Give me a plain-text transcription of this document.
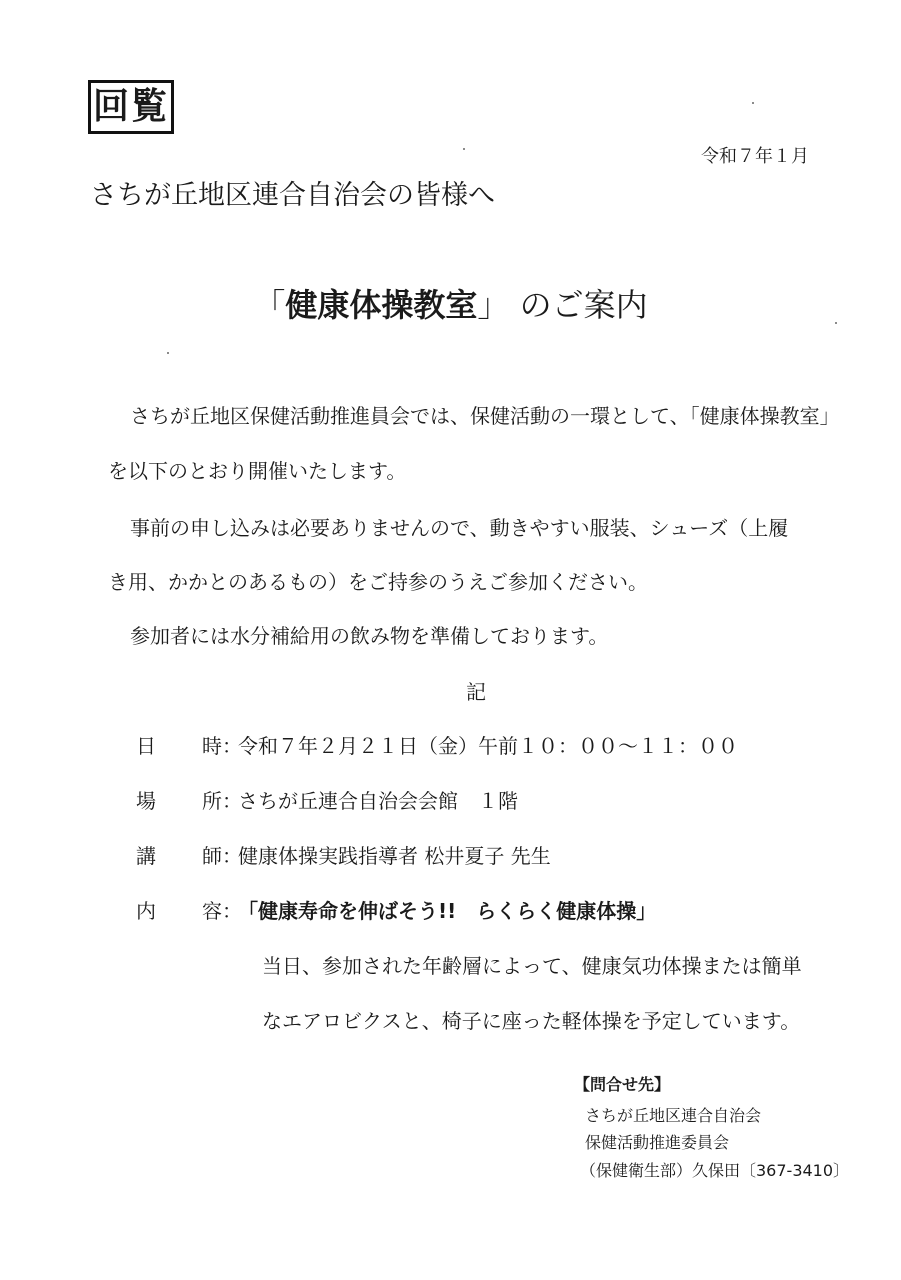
回覧
令和７年１月
さちが丘地区連合自治会の皆様へ
「健康体操教室」 のご案内
さちが丘地区保健活動推進員会では、保健活動の一環として、「健康体操教室」
を以下のとおり開催いたします。
事前の申し込みは必要ありませんので、動きやすい服装、シューズ（上履
き用、かかとのあるもの）をご持参のうえご参加ください。
参加者には水分補給用の飲み物を準備しております。
記
日 時 ：
令和７年２月２１日（金）午前１０：００～１１：００
場 所 ：
さちが丘連合自治会会館　１階
講 師 ：
健康体操実践指導者 松井夏子 先生
内 容 ：
「健康寿命を伸ばそう!!　らくらく健康体操」
当日、参加された年齢層によって、健康気功体操または簡単
なエアロビクスと、椅子に座った軽体操を予定しています。
【問合せ先】
さちが丘地区連合自治会
保健活動推進委員会
（保健衛生部）久保田〔367-3410〕
